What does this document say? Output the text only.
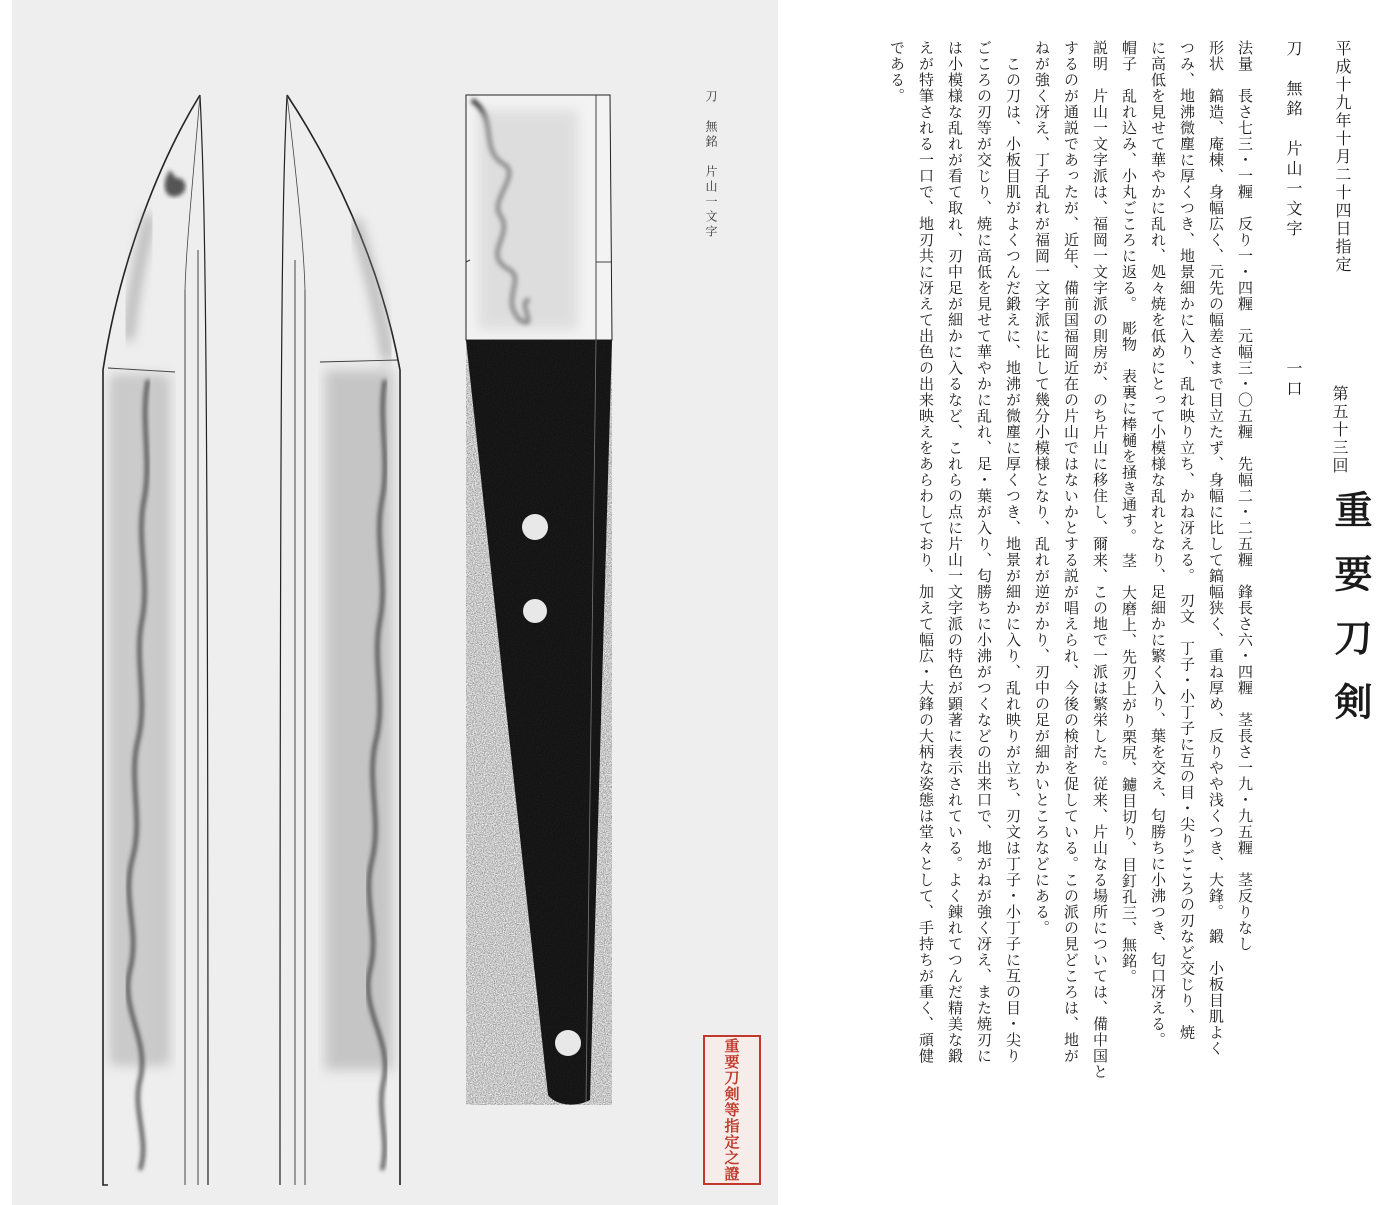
刀　無銘　片山一文字
重要刀剣等指定之證
平成十九年十月二十四日指定
第五十三回
重要刀剣
刀　無銘　片山一文字
一口
法量　長さ七三・一糎　反り一・四糎　元幅三・〇五糎　先幅二・二五糎　鋒長さ六・四糎　茎長さ一九・九五糎　茎反りなし
形状　鎬造、庵棟、身幅広く、元先の幅差さまで目立たず、身幅に比して鎬幅狭く、重ね厚め、反りやや浅くつき、大鋒。　鍛　小板目肌よく
つみ、地沸微塵に厚くつき、地景細かに入り、乱れ映り立ち、かね冴える。　刃文　丁子・小丁子に互の目・尖りごころの刃など交じり、焼
に高低を見せて華やかに乱れ、処々焼を低めにとって小模様な乱れとなり、足細かに繁く入り、葉を交え、匂勝ちに小沸つき、匂口冴える。
帽子　乱れ込み、小丸ごころに返る。　彫物　表裏に棒樋を掻き通す。　茎　大磨上、先刃上がり栗尻、鑢目切り、目釘孔三、無銘。
説明　片山一文字派は、福岡一文字派の則房が、のち片山に移住し、爾来、この地で一派は繁栄した。従来、片山なる場所については、備中国と
するのが通説であったが、近年、備前国福岡近在の片山ではないかとする説が唱えられ、今後の検討を促している。この派の見どころは、地が
ねが強く冴え、丁子乱れが福岡一文字派に比して幾分小模様となり、乱れが逆がかり、刃中の足が細かいところなどにある。
　この刀は、小板目肌がよくつんだ鍛えに、地沸が微塵に厚くつき、地景が細かに入り、乱れ映りが立ち、刃文は丁子・小丁子に互の目・尖り
ごころの刃等が交じり、焼に高低を見せて華やかに乱れ、足・葉が入り、匂勝ちに小沸がつくなどの出来口で、地がねが強く冴え、また焼刃に
は小模様な乱れが看て取れ、刃中足が細かに入るなど、これらの点に片山一文字派の特色が顕著に表示されている。よく錬れてつんだ精美な鍛
えが特筆される一口で、地刃共に冴えて出色の出来映えをあらわしており、加えて幅広・大鋒の大柄な姿態は堂々として、手持ちが重く、頑健
である。
